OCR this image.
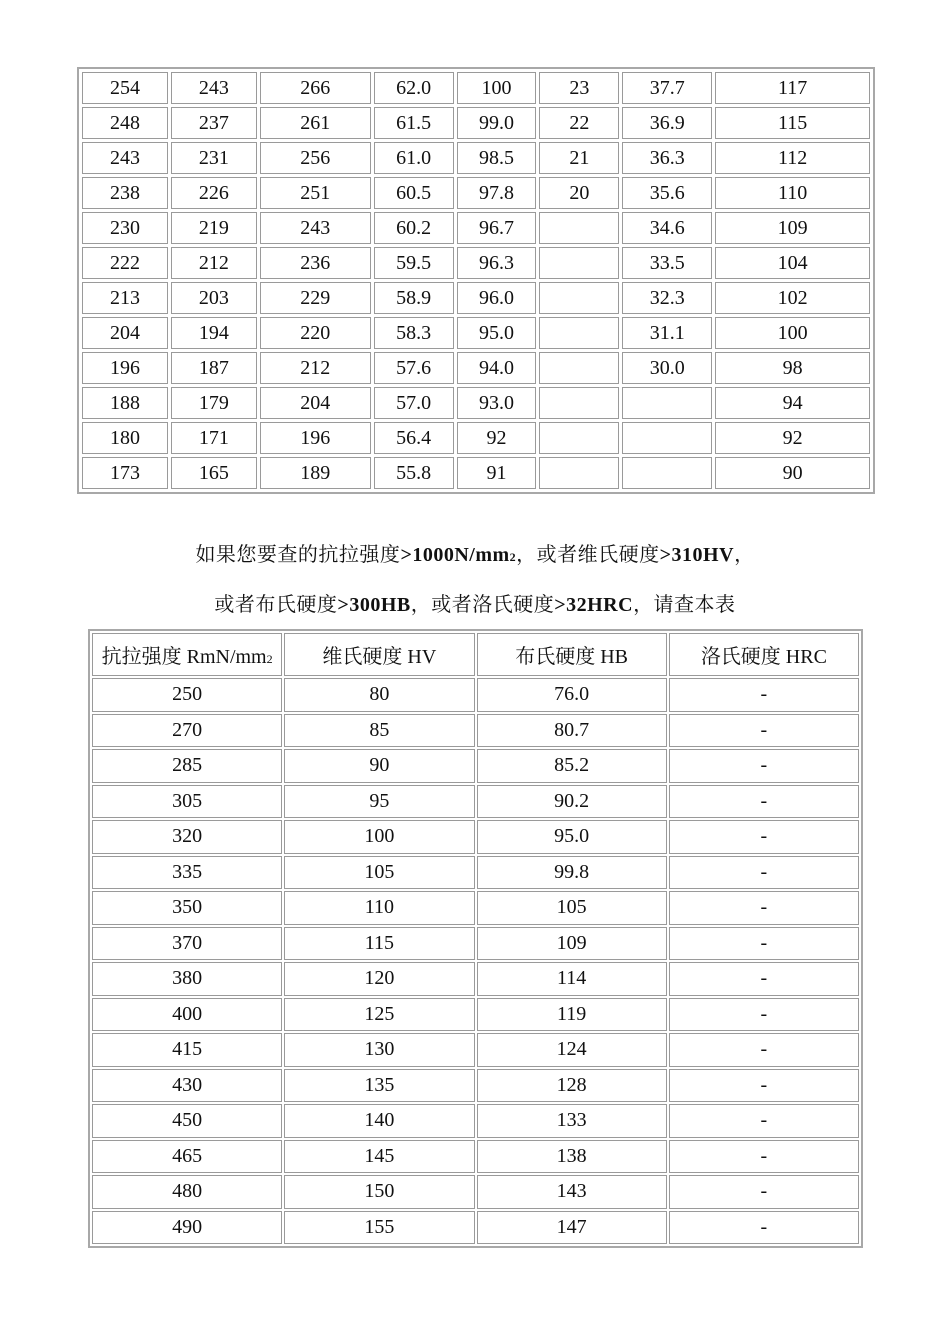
254	243	266	62.0	100	23	37.7	117
248	237	261	61.5	99.0	22	36.9	115
243	231	256	61.0	98.5	21	36.3	112
238	226	251	60.5	97.8	20	35.6	110
230	219	243	60.2	96.7		34.6	109
222	212	236	59.5	96.3		33.5	104
213	203	229	58.9	96.0		32.3	102
204	194	220	58.3	95.0		31.1	100
196	187	212	57.6	94.0		30.0	98
188	179	204	57.0	93.0			94
180	171	196	56.4	92			92
173	165	189	55.8	91			90
如果您要查的抗拉强度>1000N/mm2，或者维氏硬度>310HV，
或者布氏硬度>300HB，或者洛氏硬度>32HRC，请查本表
抗拉强度 RmN/mm2	维氏硬度 HV	布氏硬度 HB	洛氏硬度 HRC
250	80	76.0	-
270	85	80.7	-
285	90	85.2	-
305	95	90.2	-
320	100	95.0	-
335	105	99.8	-
350	110	105	-
370	115	109	-
380	120	114	-
400	125	119	-
415	130	124	-
430	135	128	-
450	140	133	-
465	145	138	-
480	150	143	-
490	155	147	-
